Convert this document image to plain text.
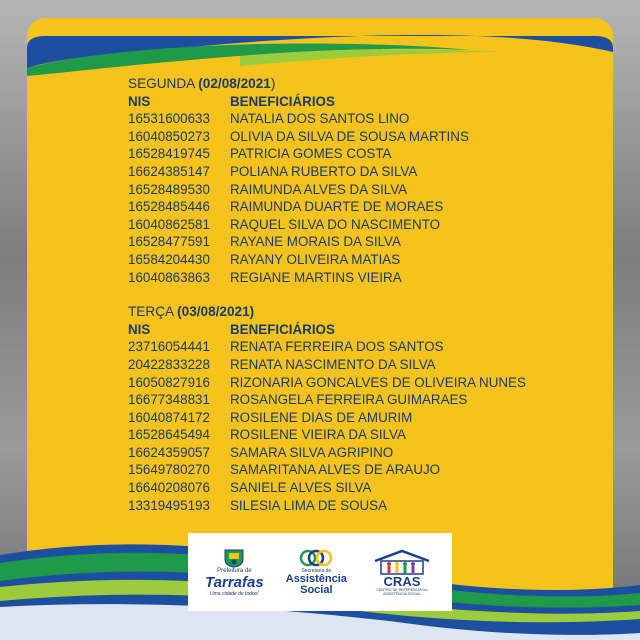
SEGUNDA (02/08/2021)
NIS	BENEFICIÁRIOS
16531600633	NATALIA DOS SANTOS LINO
16040850273	OLIVIA DA SILVA DE SOUSA MARTINS
16528419745	PATRICIA GOMES COSTA
16624385147	POLIANA RUBERTO DA SILVA
16528489530	RAIMUNDA ALVES DA SILVA
16528485446	RAIMUNDA DUARTE DE MORAES
16040862581	RAQUEL SILVA DO NASCIMENTO
16528477591	RAYANE MORAIS DA SILVA
16584204430	RAYANY OLIVEIRA MATIAS
16040863863	REGIANE MARTINS VIEIRA
TERÇA (03/08/2021)
NIS	BENEFICIÁRIOS
23716054441	RENATA FERREIRA DOS SANTOS
20422833228	RENATA NASCIMENTO DA SILVA
16050827916	RIZONARIA GONCALVES DE OLIVEIRA NUNES
16677348831	ROSANGELA FERREIRA GUIMARAES
16040874172	ROSILENE DIAS DE AMURIM
16528645494	ROSILENE VIEIRA DA SILVA
16624359057	SAMARA SILVA AGRIPINO
15649780270	SAMARITANA ALVES DE ARAUJO
16640208076	SANIELE ALVES SILVA
13319495193	SILESIA LIMA DE SOUSA
Prefeitura de
Tarrafas
Uma cidade de todos!
Secretaria de
Assistência
Social
CRAS
CENTRO DE REFERÊNCIA DA ASSISTÊNCIA SOCIAL
